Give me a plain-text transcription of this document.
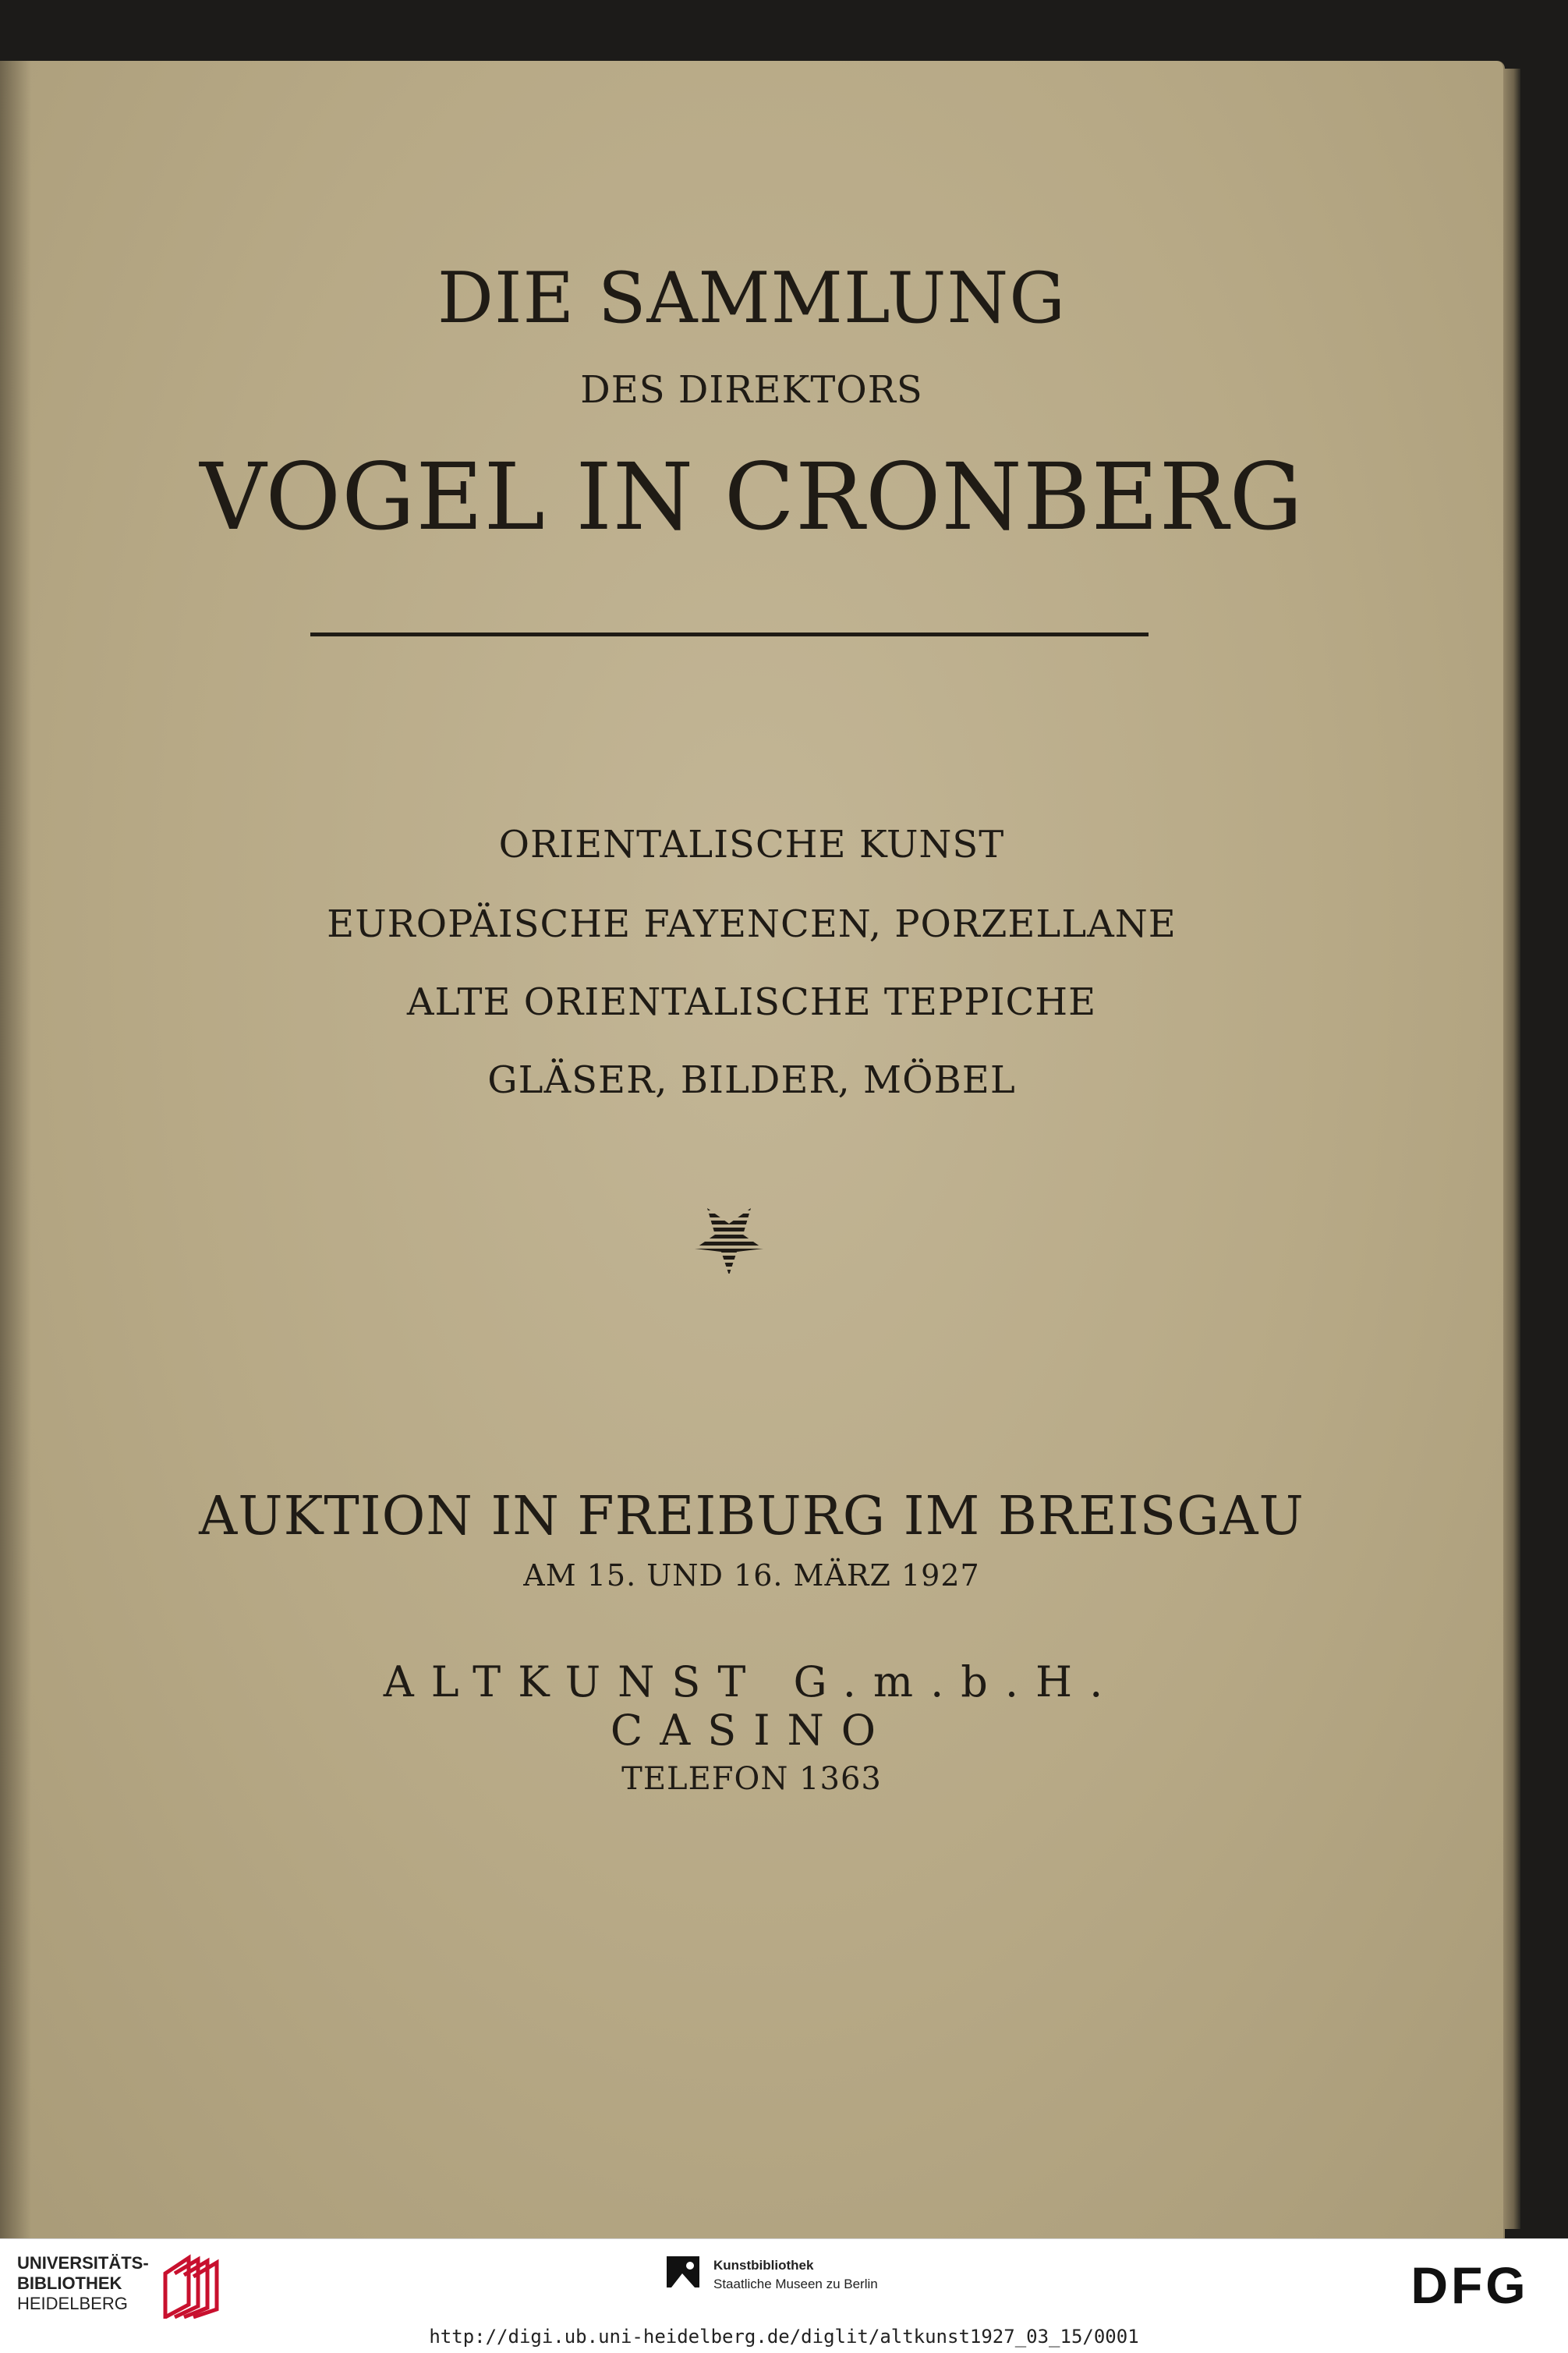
DIE SAMMLUNG
DES DIREKTORS
VOGEL IN CRONBERG
ORIENTALISCHE KUNST
EUROPÄISCHE FAYENCEN, PORZELLANE
ALTE ORIENTALISCHE TEPPICHE
GLÄSER, BILDER, MÖBEL
AUKTION IN FREIBURG IM BREISGAU
AM 15. UND 16. MÄRZ 1927
ALTKUNST G.m.b.H.
CASINO
TELEFON 1363
UNIVERSITÄTS-
BIBLIOTHEK
HEIDELBERG
Kunstbibliothek
Staatliche Museen zu Berlin	DFG
http://digi.ub.uni-heidelberg.de/diglit/altkunst1927_03_15/0001
